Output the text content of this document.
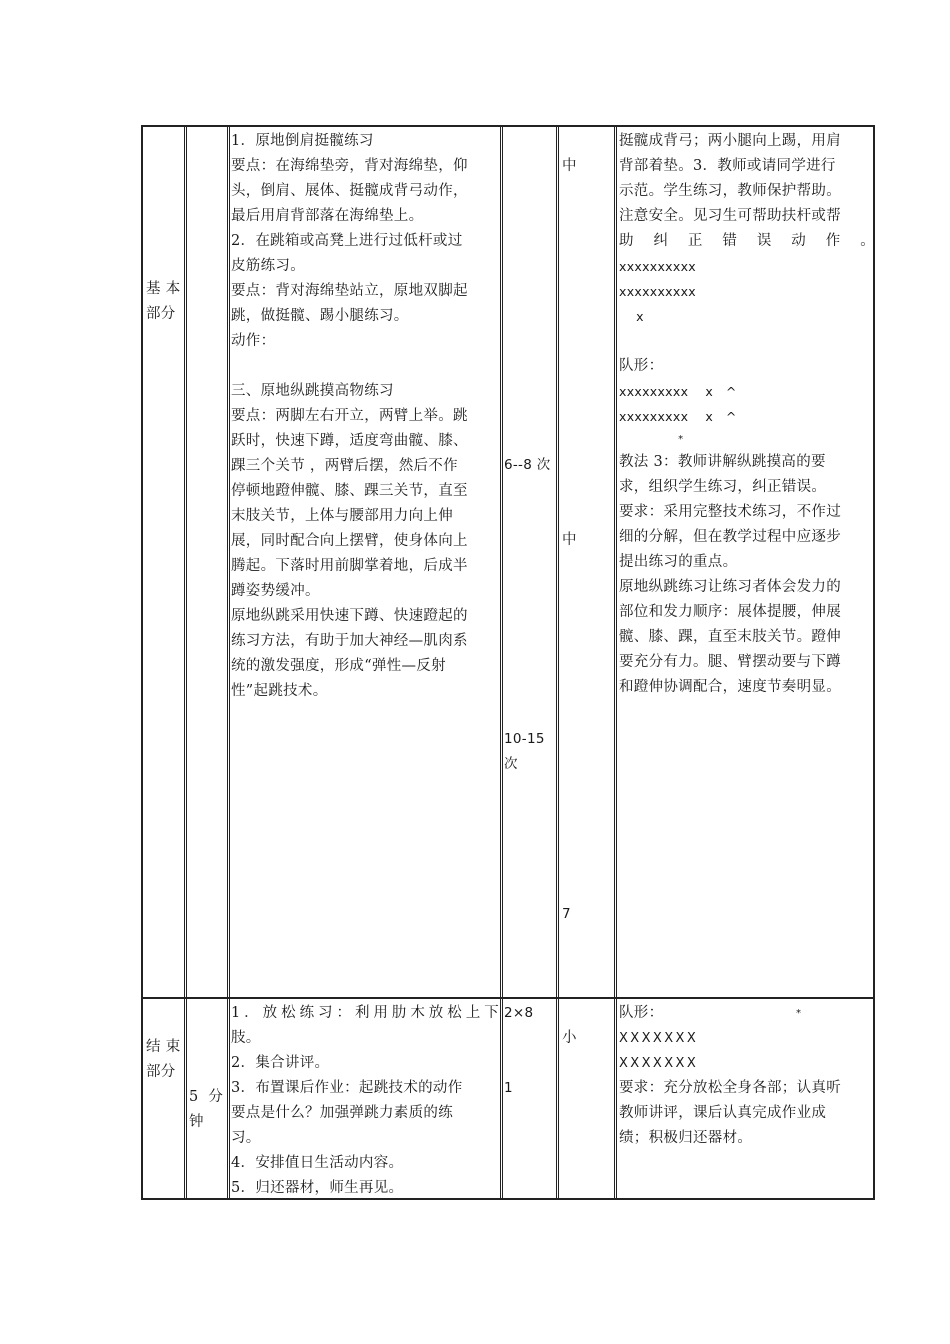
基 本
部分
1．原地倒肩挺髋练习
要点：在海绵垫旁，背对海绵垫，仰
头，倒肩、展体、挺髋成背弓动作，
最后用肩背部落在海绵垫上。
2．在跳箱或高凳上进行过低杆或过
皮筋练习。
要点：背对海绵垫站立，原地双脚起
跳，做挺髋、踢小腿练习。
动作：
三、原地纵跳摸高物练习
要点：两脚左右开立，两臂上举。跳
跃时，快速下蹲，适度弯曲髋、膝、
踝三个关节 ，两臂后摆，然后不作
停顿地蹬伸髋、膝、踝三关节，直至
末肢关节，上体与腰部用力向上伸
展，同时配合向上摆臂，使身体向上
腾起。下落时用前脚掌着地，后成半
蹲姿势缓冲。
原地纵跳采用快速下蹲、快速蹬起的
练习方法，有助于加大神经—肌肉系
统的激发强度，形成“弹性—反射
性”起跳技术。
6--8 次
10-15
次
中
中
7
挺髋成背弓；两小腿向上踢，用肩
背部着垫。3．教师或请同学进行
示范。学生练习，教师保护帮助。
注意安全。见习生可帮助扶杆或帮
助 纠 正 错 误 动 作 。
xxxxxxxxxx
xxxxxxxxxx
x
队形：
xxxxxxxxx    x   ^
xxxxxxxxx    x   ^
*
教法 3：教师讲解纵跳摸高的要
求，组织学生练习，纠正错误。
要求：采用完整技术练习，不作过
细的分解，但在教学过程中应逐步
提出练习的重点。
原地纵跳练习让练习者体会发力的
部位和发力顺序：展体提腰，伸展
髋、膝、踝，直至末肢关节。蹬伸
要充分有力。腿、臂摆动要与下蹲
和蹬伸协调配合，速度节奏明显。
结 束
部分
5  分
钟
1．放松练习：利用肋木放松上下
肢。
2．集合讲评。
3．布置课后作业：起跳技术的动作
要点是什么？加强弹跳力素质的练
习。
4．安排值日生活动内容。
5．归还器材，师生再见。
2×8
1
小
队形：	*
XXXXXXX
XXXXXXX
要求：充分放松全身各部；认真听
教师讲评，课后认真完成作业成
绩；积极归还器材。
